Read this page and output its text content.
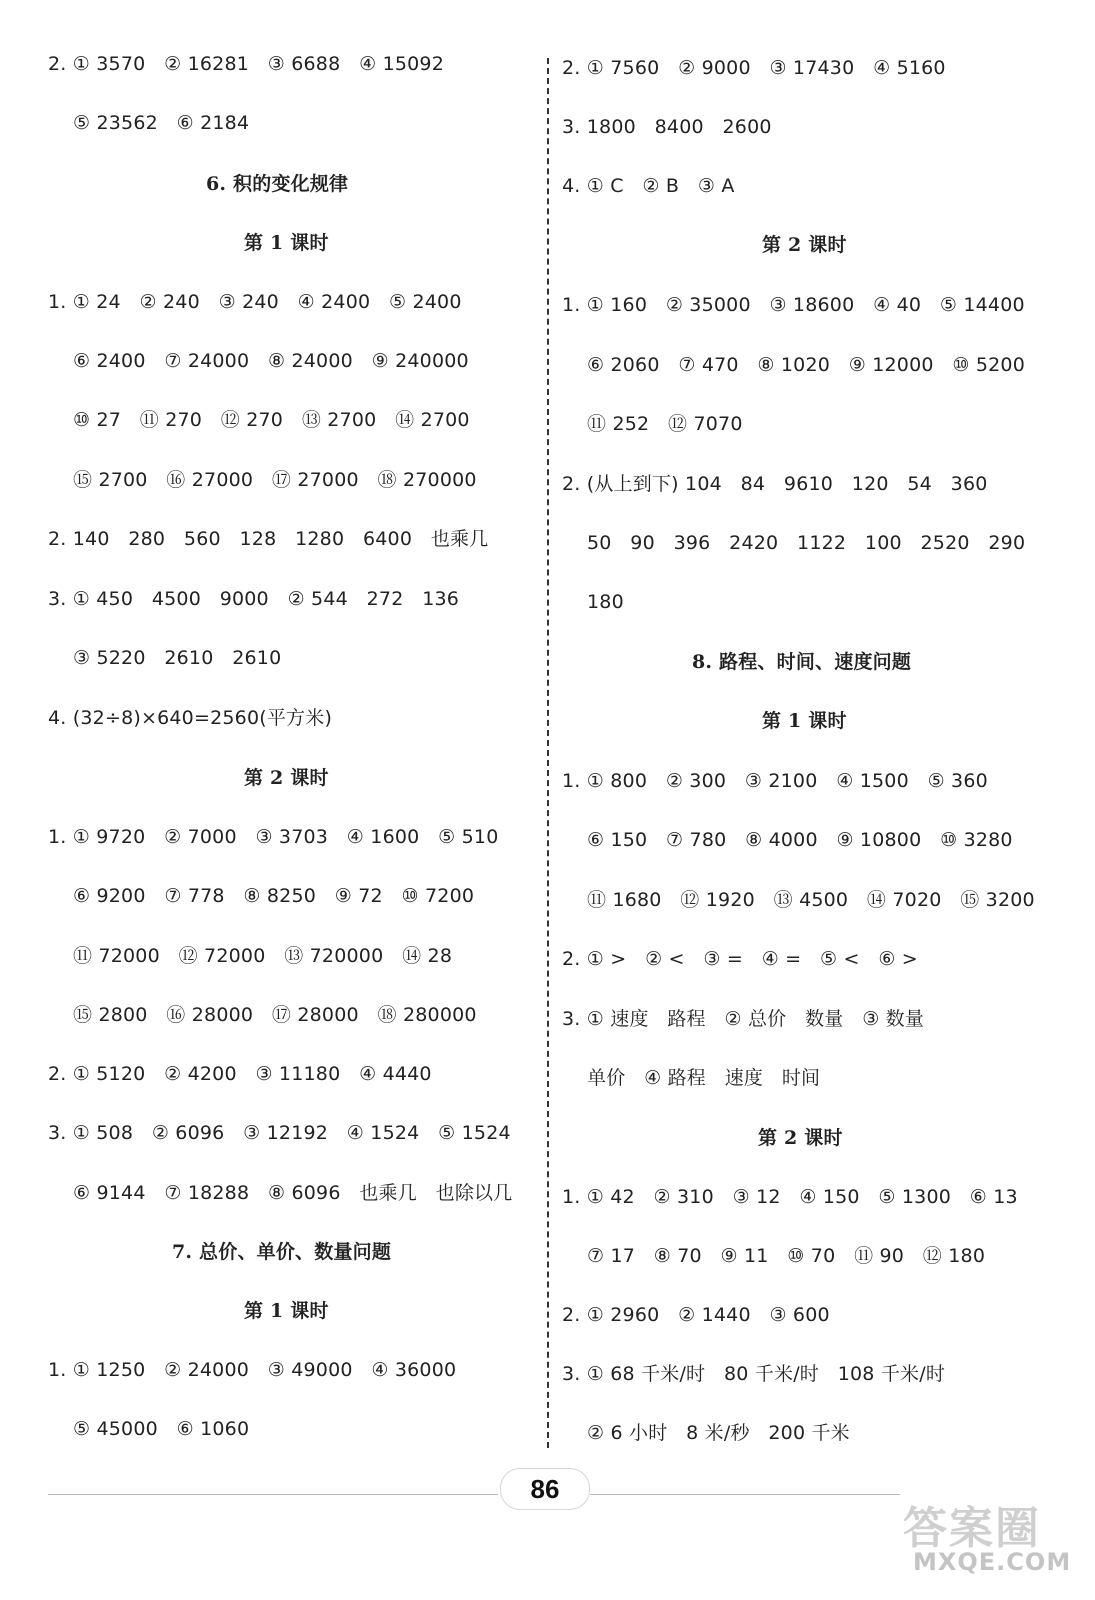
2. ① 3570   ② 16281   ③ 6688   ④ 15092
⑤ 23562   ⑥ 2184
6. 积的变化规律
第 1 课时
1. ① 24   ② 240   ③ 240   ④ 2400   ⑤ 2400
⑥ 2400   ⑦ 24000   ⑧ 24000   ⑨ 240000
⑩ 27   ⑪ 270   ⑫ 270   ⑬ 2700   ⑭ 2700
⑮ 2700   ⑯ 27000   ⑰ 27000   ⑱ 270000
2. 140   280   560   128   1280   6400   也乘几
3. ① 450   4500   9000   ② 544   272   136
③ 5220   2610   2610
4. (32÷8)×640=2560(平方米)
第 2 课时
1. ① 9720   ② 7000   ③ 3703   ④ 1600   ⑤ 510
⑥ 9200   ⑦ 778   ⑧ 8250   ⑨ 72   ⑩ 7200
⑪ 72000   ⑫ 72000   ⑬ 720000   ⑭ 28
⑮ 2800   ⑯ 28000   ⑰ 28000   ⑱ 280000
2. ① 5120   ② 4200   ③ 11180   ④ 4440
3. ① 508   ② 6096   ③ 12192   ④ 1524   ⑤ 1524
⑥ 9144   ⑦ 18288   ⑧ 6096   也乘几   也除以几
7. 总价、单价、数量问题
第 1 课时
1. ① 1250   ② 24000   ③ 49000   ④ 36000
⑤ 45000   ⑥ 1060
2. ① 7560   ② 9000   ③ 17430   ④ 5160
3. 1800   8400   2600
4. ① C   ② B   ③ A
第 2 课时
1. ① 160   ② 35000   ③ 18600   ④ 40   ⑤ 14400
⑥ 2060   ⑦ 470   ⑧ 1020   ⑨ 12000   ⑩ 5200
⑪ 252   ⑫ 7070
2. (从上到下) 104   84   9610   120   54   360
50   90   396   2420   1122   100   2520   290
180
8. 路程、时间、速度问题
第 1 课时
1. ① 800   ② 300   ③ 2100   ④ 1500   ⑤ 360
⑥ 150   ⑦ 780   ⑧ 4000   ⑨ 10800   ⑩ 3280
⑪ 1680   ⑫ 1920   ⑬ 4500   ⑭ 7020   ⑮ 3200
2. ① >   ② <   ③ =   ④ =   ⑤ <   ⑥ >
3. ① 速度   路程   ② 总价   数量   ③ 数量
单价   ④ 路程   速度   时间
第 2 课时
1. ① 42   ② 310   ③ 12   ④ 150   ⑤ 1300   ⑥ 13
⑦ 17   ⑧ 70   ⑨ 11   ⑩ 70   ⑪ 90   ⑫ 180
2. ① 2960   ② 1440   ③ 600
3. ① 68 千米/时   80 千米/时   108 千米/时
② 6 小时   8 米/秒   200 千米
86
答案圈
MXQE.COM
